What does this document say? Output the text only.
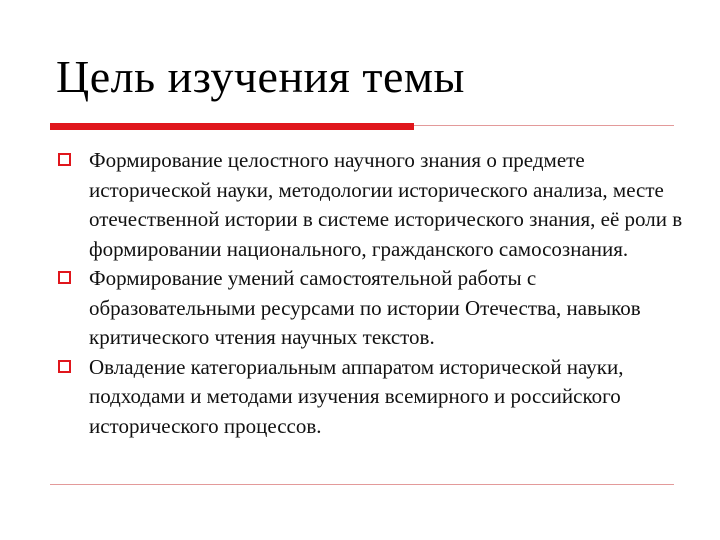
Цель изучения темы
Формирование целостного научного знания о предмете исторической науки, методологии исторического анализа, месте отечественной истории в системе исторического знания, её роли в формировании национального, гражданского самосознания.
Формирование умений самостоятельной работы с образовательными ресурсами по истории Отечества, навыков критического чтения научных текстов.
Овладение категориальным аппаратом исторической науки, подходами и методами изучения всемирного и российского исторического процессов.
